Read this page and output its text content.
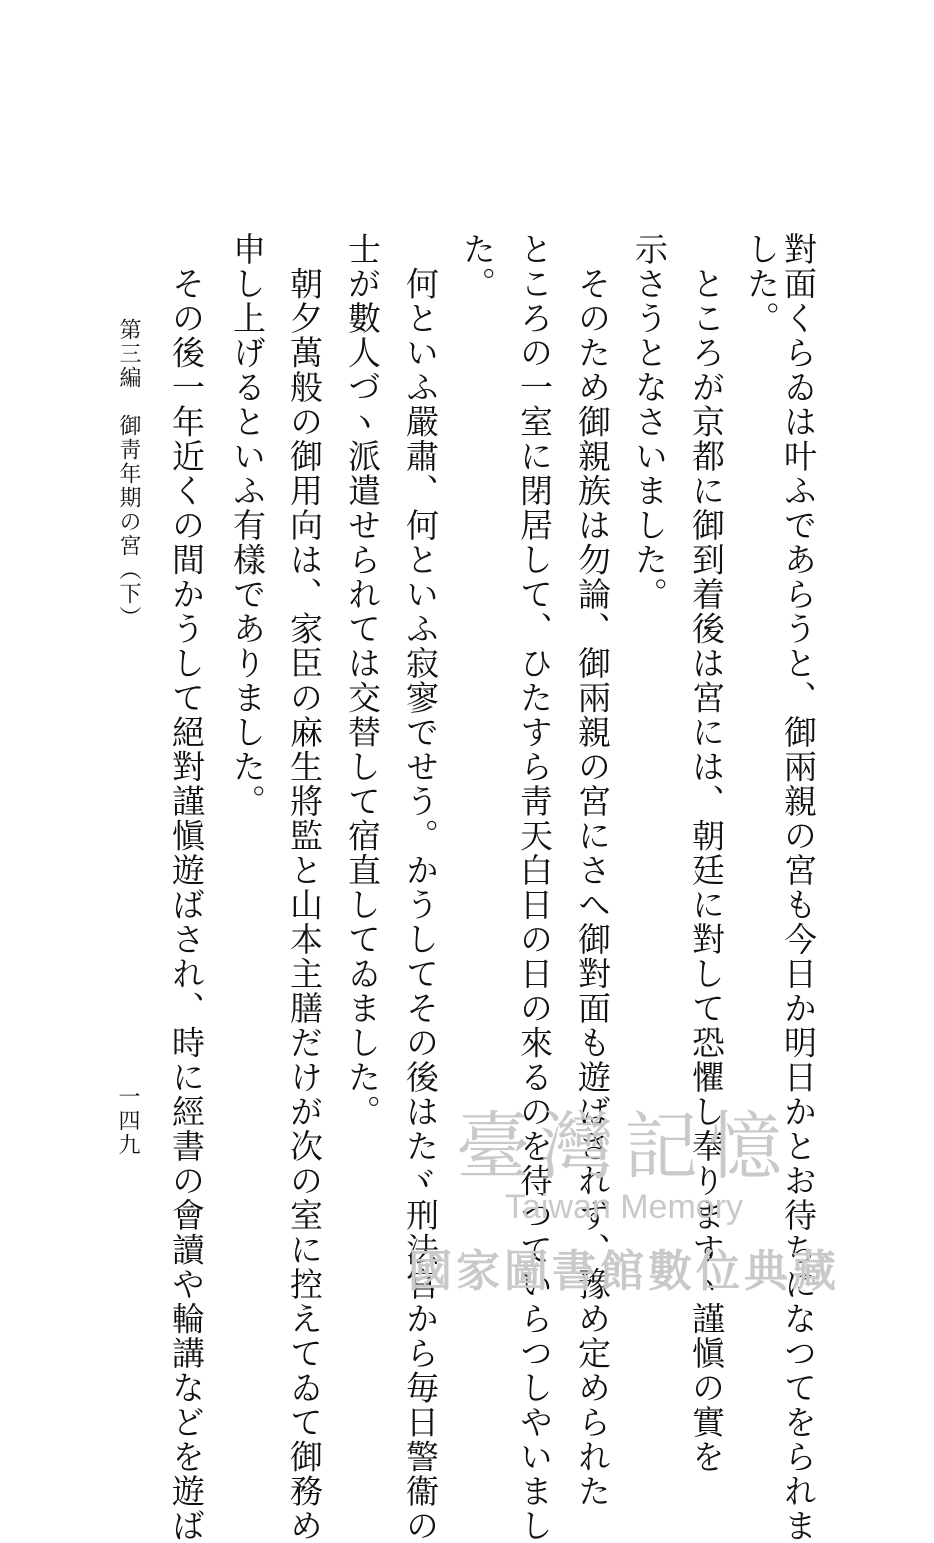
對面くらゐは叶ふであらうと、御兩親の宮も今日か明日かとお待ちになつてをられま
した。
　ところが京都に御到着後は宮には、朝廷に對して恐懼し奉りますヽ謹愼の實を
示さうとなさいました。
　そのため御親族は勿論、御兩親の宮にさへ御對面も遊ばされず、豫め定められた
ところの一室に閉居して、ひたすら靑天白日の日の來るのを待つていらつしやいまし
た。
　何といふ嚴肅、何といふ寂寥でせう。かうしてその後はたヾ刑法官から毎日警衞の
士が數人づヽ派遣せられては交替して宿直してゐました。
　朝夕萬般の御用向は、家臣の麻生將監と山本主膳だけが次の室に控えてゐて御務め
申し上げるといふ有樣でありました。
　その後一年近くの間かうして絕對謹愼遊ばされ、時に經書の會讀や輪講などを遊ば
第三編　御靑年期の宮（下）
一四九	臺灣記憶
Taiwan Memory
國家圖書館數位典藏
